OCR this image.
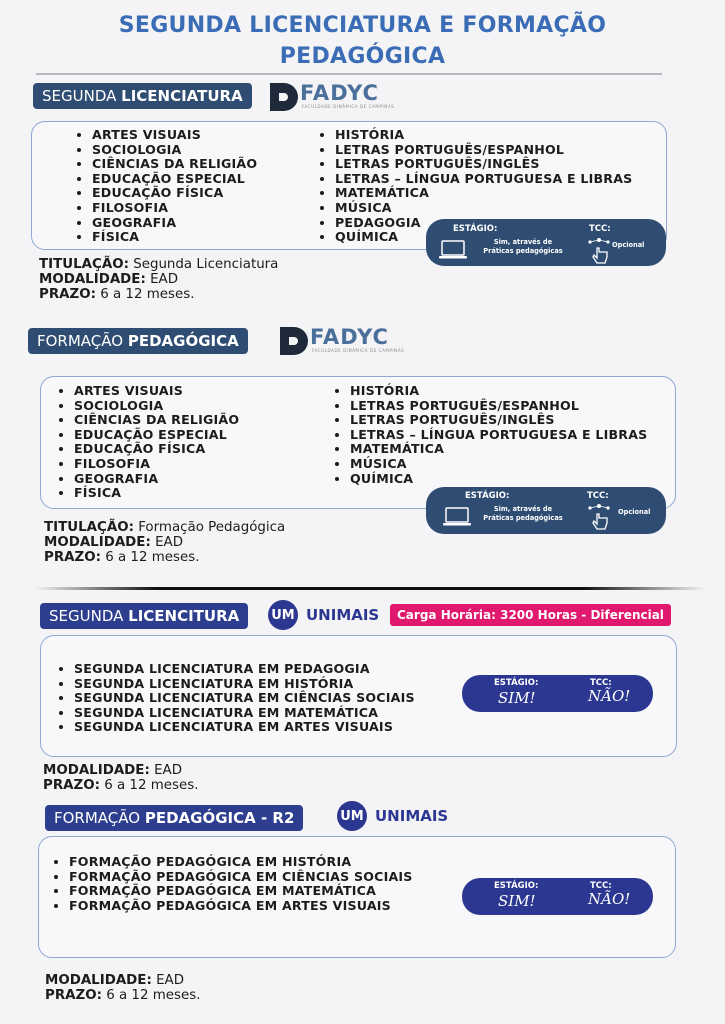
SEGUNDA LICENCIATURA E FORMAÇÃO
PEDAGÓGICA
SEGUNDA LICENCIATURA	FADYC
FACULDADE DINÂMICA DE CAMPINAS
• ARTES VISUAIS
• SOCIOLOGIA
• CIÊNCIAS DA RELIGIÃO
• EDUCAÇÃO ESPECIAL
• EDUCAÇÃO FÍSICA
• FILOSOFIA
• GEOGRAFIA
• FÍSICA
• HISTÓRIA
• LETRAS PORTUGUÊS/ESPANHOL
• LETRAS PORTUGUÊS/INGLÊS
• LETRAS – LÍNGUA PORTUGUESA E LIBRAS
• MATEMÁTICA
• MÚSICA
• PEDAGOGIA
• QUÍMICA
ESTÁGIO:
Sim, através de
Práticas pedagógicas
TCC:
Opcional
TITULAÇÃO: Segunda Licenciatura
MODALIDADE: EAD
PRAZO: 6 a 12 meses.
FORMAÇÃO PEDAGÓGICA	FADYC
FACULDADE DINÂMICA DE CAMPINAS
• ARTES VISUAIS
• SOCIOLOGIA
• CIÊNCIAS DA RELIGIÃO
• EDUCAÇÃO ESPECIAL
• EDUCAÇÃO FÍSICA
• FILOSOFIA
• GEOGRAFIA
• FÍSICA
• HISTÓRIA
• LETRAS PORTUGUÊS/ESPANHOL
• LETRAS PORTUGUÊS/INGLÊS
• LETRAS – LÍNGUA PORTUGUESA E LIBRAS
• MATEMÁTICA
• MÚSICA
• QUÍMICA
ESTÁGIO:
Sim, através de
Práticas pedagógicas
TCC:
Opcional
TITULAÇÃO: Formação Pedagógica
MODALIDADE: EAD
PRAZO: 6 a 12 meses.
SEGUNDA LICENCITURA	UM UNIMAIS	Carga Horária: 3200 Horas - Diferencial
• SEGUNDA LICENCIATURA EM PEDAGOGIA
• SEGUNDA LICENCIATURA EM HISTÓRIA
• SEGUNDA LICENCIATURA EM CIÊNCIAS SOCIAIS
• SEGUNDA LICENCIATURA EM MATEMÁTICA
• SEGUNDA LICENCIATURA EM ARTES VISUAIS
ESTÁGIO:
SIM!
TCC:
NÃO!
MODALIDADE: EAD
PRAZO: 6 a 12 meses.
FORMAÇÃO PEDAGÓGICA - R2	UM UNIMAIS
• FORMAÇÃO PEDAGÓGICA EM HISTÓRIA
• FORMAÇÃO PEDAGÓGICA EM CIÊNCIAS SOCIAIS
• FORMAÇÃO PEDAGÓGICA EM MATEMÁTICA
• FORMAÇÃO PEDAGÓGICA EM ARTES VISUAIS
ESTÁGIO:
SIM!
TCC:
NÃO!
MODALIDADE: EAD
PRAZO: 6 a 12 meses.
